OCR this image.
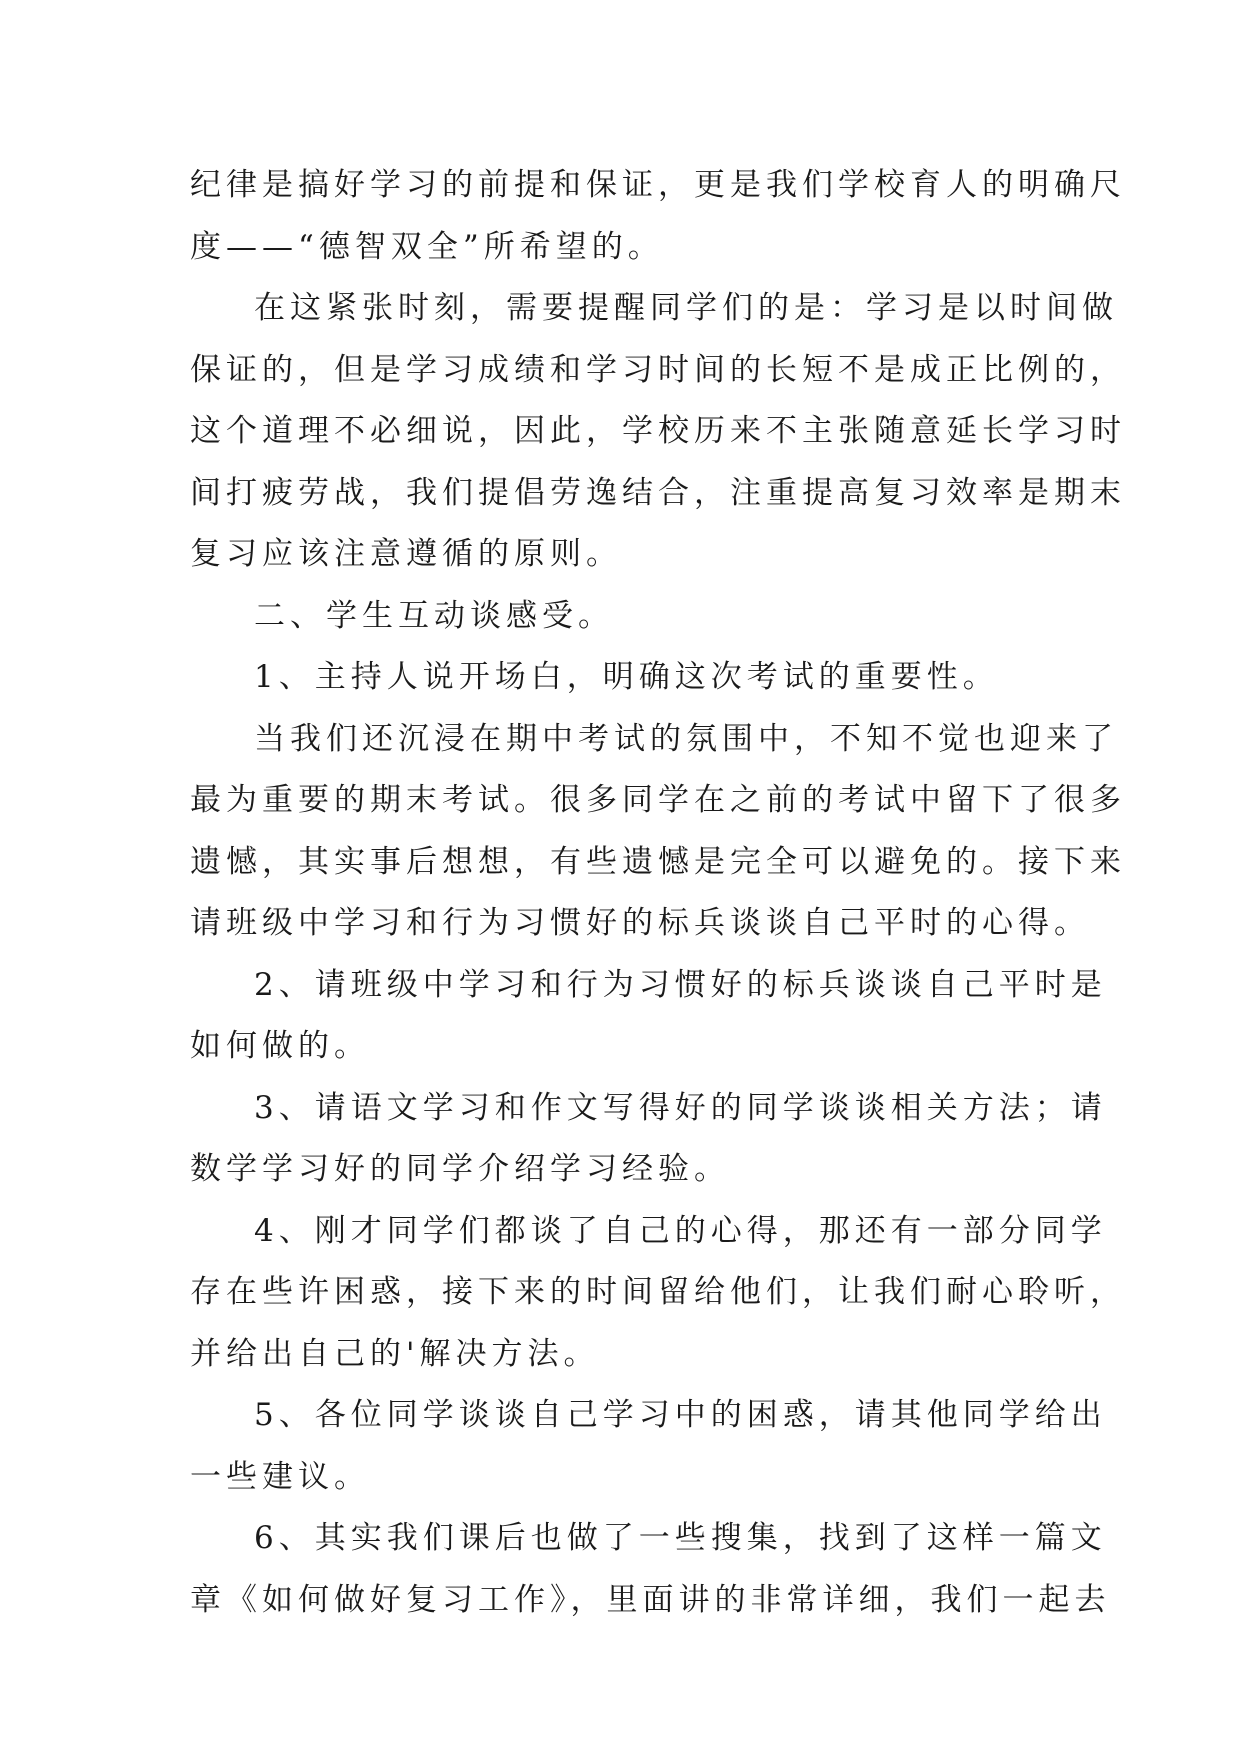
纪律是搞好学习的前提和保证，更是我们学校育人的明确尺
度——“德智双全”所希望的。
在这紧张时刻，需要提醒同学们的是：学习是以时间做
保证的，但是学习成绩和学习时间的长短不是成正比例的，
这个道理不必细说，因此，学校历来不主张随意延长学习时
间打疲劳战，我们提倡劳逸结合，注重提高复习效率是期末
复习应该注意遵循的原则。
二、学生互动谈感受。
1、主持人说开场白，明确这次考试的重要性。
当我们还沉浸在期中考试的氛围中，不知不觉也迎来了
最为重要的期末考试。很多同学在之前的考试中留下了很多
遗憾，其实事后想想，有些遗憾是完全可以避免的。接下来
请班级中学习和行为习惯好的标兵谈谈自己平时的心得。
2、请班级中学习和行为习惯好的标兵谈谈自己平时是
如何做的。
3、请语文学习和作文写得好的同学谈谈相关方法；请
数学学习好的同学介绍学习经验。
4、刚才同学们都谈了自己的心得，那还有一部分同学
存在些许困惑，接下来的时间留给他们，让我们耐心聆听，
并给出自己的'解决方法。
5、各位同学谈谈自己学习中的困惑，请其他同学给出
一些建议。
6、其实我们课后也做了一些搜集，找到了这样一篇文
章《如何做好复习工作》，里面讲的非常详细，我们一起去
